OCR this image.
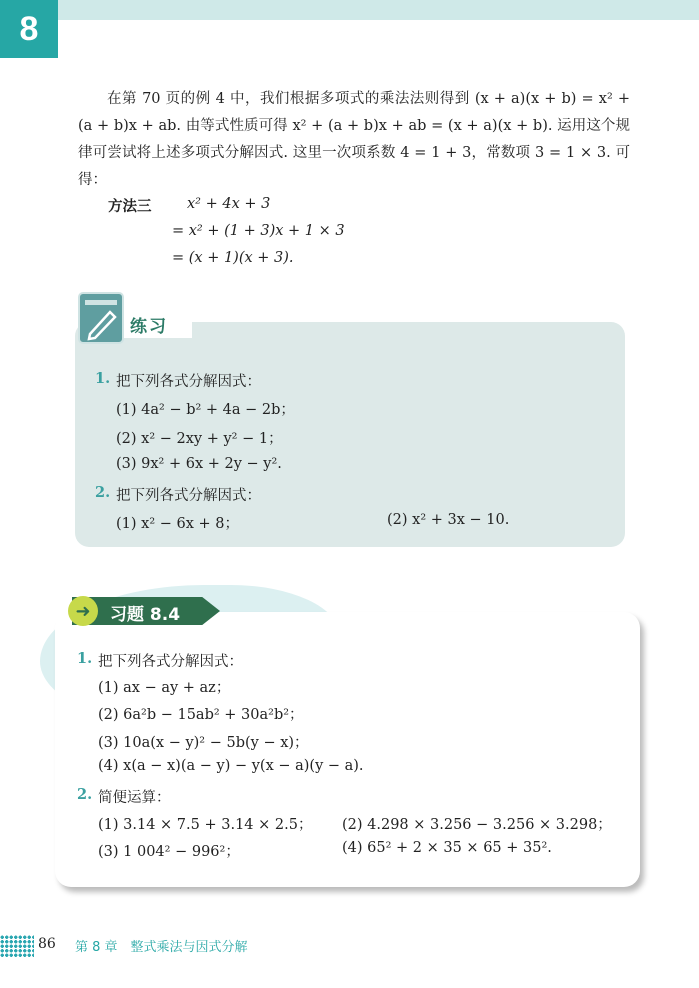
8
在第 70 页的例 4 中，我们根据多项式的乘法法则得到 (x + a)(x + b) = x² + (a + b)x + ab. 由等式性质可得 x² + (a + b)x + ab = (x + a)(x + b). 运用这个规律可尝试将上述多项式分解因式. 这里一次项系数 4 = 1 + 3，常数项 3 = 1 × 3. 可得：
方法三 x² + 4x + 3
= x² + (1 + 3)x + 1 × 3
= (x + 1)(x + 3).
练习
1. 把下列各式分解因式：
(1) 4a² − b² + 4a − 2b；
(2) x² − 2xy + y² − 1；
(3) 9x² + 6x + 2y − y².
2. 把下列各式分解因式：
(1) x² − 6x + 8；	(2) x² + 3x − 10.
➜	习题 8.4
1. 把下列各式分解因式：
(1) ax − ay + az；
(2) 6a²b − 15ab² + 30a²b²；
(3) 10a(x − y)² − 5b(y − x)；
(4) x(a − x)(a − y) − y(x − a)(y − a).
2. 简便运算：
(1) 3.14 × 7.5 + 3.14 × 2.5； (2) 4.298 × 3.256 − 3.256 × 3.298；
(3) 1 004² − 996²；	(4) 65² + 2 × 35 × 65 + 35².
86 第 8 章　整式乘法与因式分解
